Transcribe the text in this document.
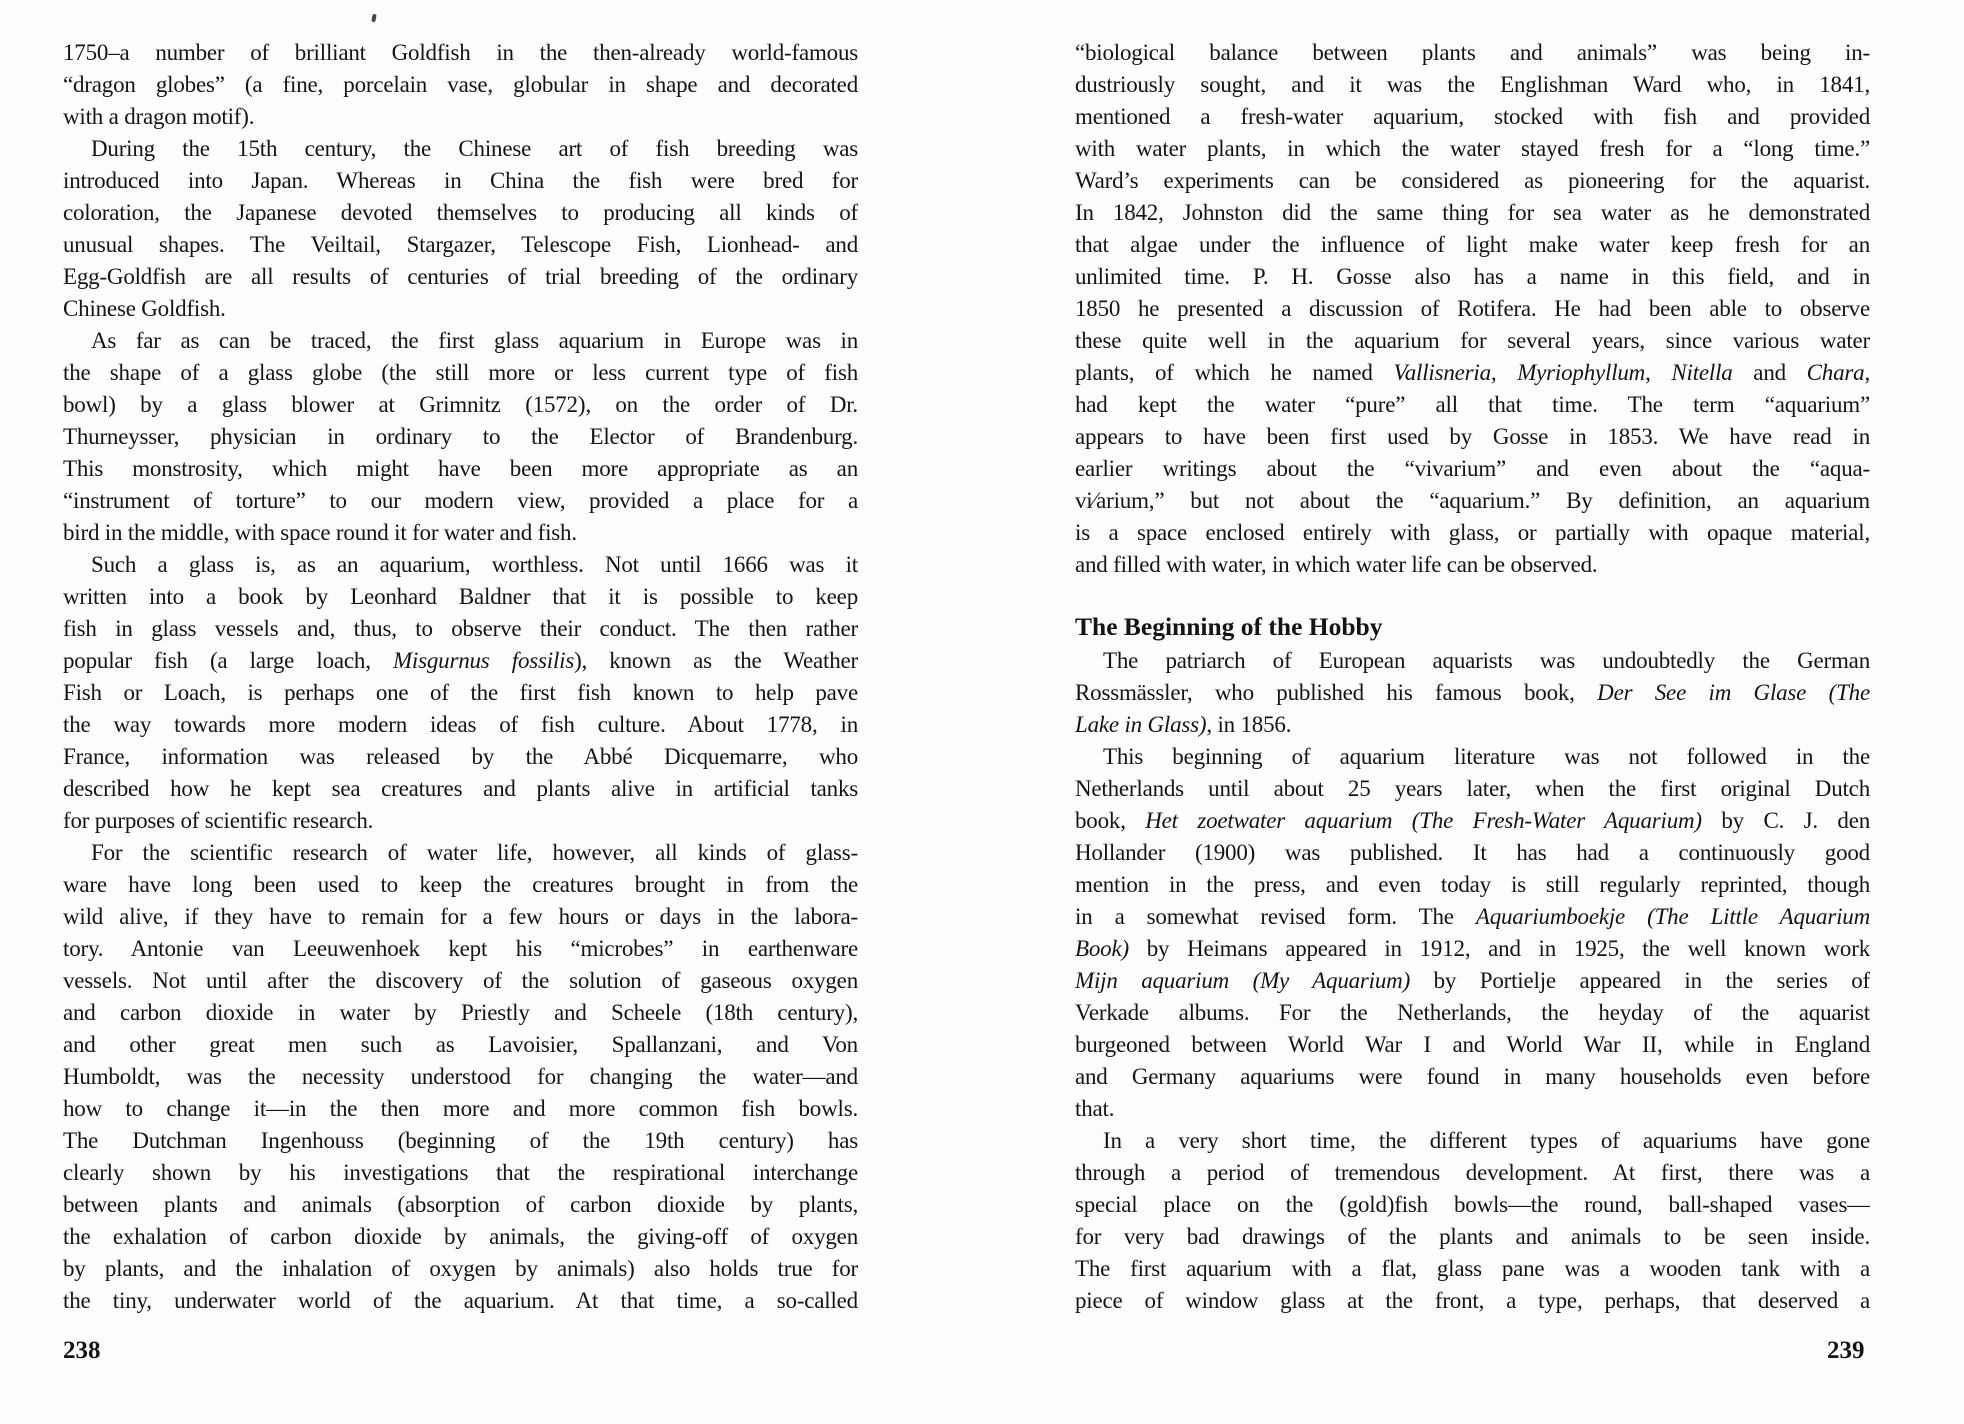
1750–a number of brilliant Goldfish in the then-already world-famous
“dragon globes” (a fine, porcelain vase, globular in shape and decorated
with a dragon motif).
During the 15th century, the Chinese art of fish breeding was
introduced into Japan. Whereas in China the fish were bred for
coloration, the Japanese devoted themselves to producing all kinds of
unusual shapes. The Veiltail, Stargazer, Telescope Fish, Lionhead- and
Egg-Goldfish are all results of centuries of trial breeding of the ordinary
Chinese Goldfish.
As far as can be traced, the first glass aquarium in Europe was in
the shape of a glass globe (the still more or less current type of fish
bowl) by a glass blower at Grimnitz (1572), on the order of Dr.
Thurneysser, physician in ordinary to the Elector of Brandenburg.
This monstrosity, which might have been more appropriate as an
“instrument of torture” to our modern view, provided a place for a
bird in the middle, with space round it for water and fish.
Such a glass is, as an aquarium, worthless. Not until 1666 was it
written into a book by Leonhard Baldner that it is possible to keep
fish in glass vessels and, thus, to observe their conduct. The then rather
popular fish (a large loach, Misgurnus fossilis), known as the Weather
Fish or Loach, is perhaps one of the first fish known to help pave
the way towards more modern ideas of fish culture. About 1778, in
France, information was released by the Abbé Dicquemarre, who
described how he kept sea creatures and plants alive in artificial tanks
for purposes of scientific research.
For the scientific research of water life, however, all kinds of glass-
ware have long been used to keep the creatures brought in from the
wild alive, if they have to remain for a few hours or days in the labora-
tory. Antonie van Leeuwenhoek kept his “microbes” in earthenware
vessels. Not until after the discovery of the solution of gaseous oxygen
and carbon dioxide in water by Priestly and Scheele (18th century),
and other great men such as Lavoisier, Spallanzani, and Von
Humboldt, was the necessity understood for changing the water—and
how to change it—in the then more and more common fish bowls.
The Dutchman Ingenhouss (beginning of the 19th century) has
clearly shown by his investigations that the respirational interchange
between plants and animals (absorption of carbon dioxide by plants,
the exhalation of carbon dioxide by animals, the giving-off of oxygen
by plants, and the inhalation of oxygen by animals) also holds true for
the tiny, underwater world of the aquarium. At that time, a so-called
“biological balance between plants and animals” was being in-
dustriously sought, and it was the Englishman Ward who, in 1841,
mentioned a fresh-water aquarium, stocked with fish and provided
with water plants, in which the water stayed fresh for a “long time.”
Ward’s experiments can be considered as pioneering for the aquarist.
In 1842, Johnston did the same thing for sea water as he demonstrated
that algae under the influence of light make water keep fresh for an
unlimited time. P. H. Gosse also has a name in this field, and in
1850 he presented a discussion of Rotifera. He had been able to observe
these quite well in the aquarium for several years, since various water
plants, of which he named Vallisneria, Myriophyllum, Nitella and Chara,
had kept the water “pure” all that time. The term “aquarium”
appears to have been first used by Gosse in 1853. We have read in
earlier writings about the “vivarium” and even about the “aqua-
vi⁄arium,” but not about the “aquarium.” By definition, an aquarium
is a space enclosed entirely with glass, or partially with opaque material,
and filled with water, in which water life can be observed.
The Beginning of the Hobby
The patriarch of European aquarists was undoubtedly the German
Rossmässler, who published his famous book, Der See im Glase (The
Lake in Glass), in 1856.
This beginning of aquarium literature was not followed in the
Netherlands until about 25 years later, when the first original Dutch
book, Het zoetwater aquarium (The Fresh-Water Aquarium) by C. J. den
Hollander (1900) was published. It has had a continuously good
mention in the press, and even today is still regularly reprinted, though
in a somewhat revised form. The Aquariumboekje (The Little Aquarium
Book) by Heimans appeared in 1912, and in 1925, the well known work
Mijn aquarium (My Aquarium) by Portielje appeared in the series of
Verkade albums. For the Netherlands, the heyday of the aquarist
burgeoned between World War I and World War II, while in England
and Germany aquariums were found in many households even before
that.
In a very short time, the different types of aquariums have gone
through a period of tremendous development. At first, there was a
special place on the (gold)fish bowls—the round, ball-shaped vases—
for very bad drawings of the plants and animals to be seen inside.
The first aquarium with a flat, glass pane was a wooden tank with a
piece of window glass at the front, a type, perhaps, that deserved a
238	239
